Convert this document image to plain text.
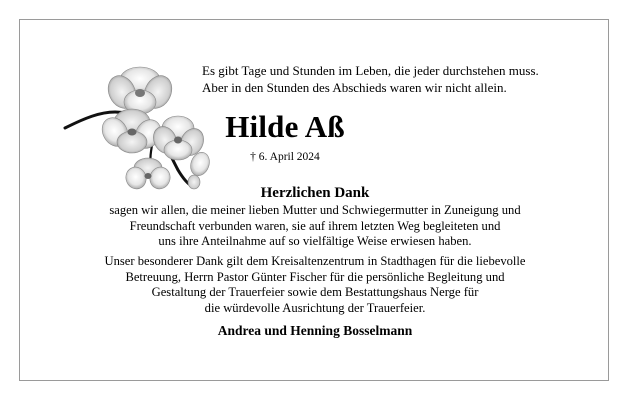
Es gibt Tage und Stunden im Leben, die jeder durchstehen muss.
Aber in den Stunden des Abschieds waren wir nicht allein.
Hilde Aß
† 6. April 2024
Herzlichen Dank
sagen wir allen, die meiner lieben Mutter und Schwiegermutter in Zuneigung und
Freundschaft verbunden waren, sie auf ihrem letzten Weg begleiteten und
uns ihre Anteilnahme auf so vielfältige Weise erwiesen haben.
Unser besonderer Dank gilt dem Kreisaltenzentrum in Stadthagen für die liebevolle
Betreuung, Herrn Pastor Günter Fischer für die persönliche Begleitung und
Gestaltung der Trauerfeier sowie dem Bestattungshaus Nerge für
die würdevolle Ausrichtung der Trauerfeier.
Andrea und Henning Bosselmann
